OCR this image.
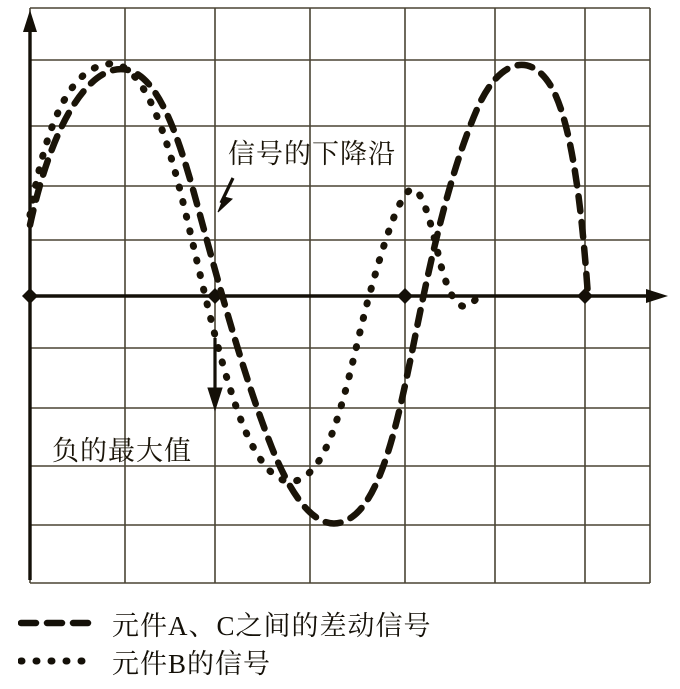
信号的下降沿
负的最大值
元件A、C之间的差动信号
元件B的信号
